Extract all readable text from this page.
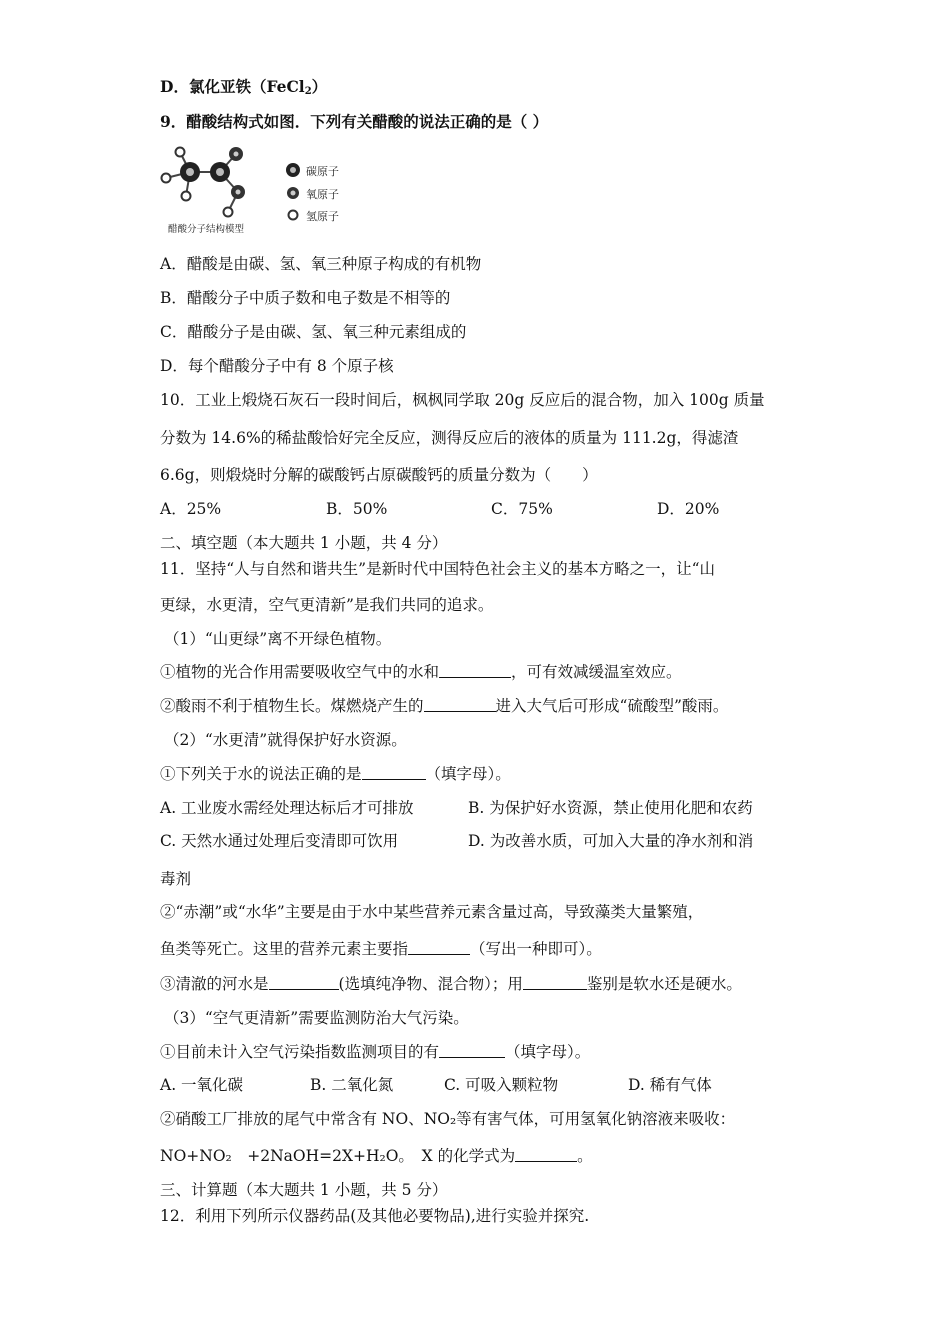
D．氯化亚铁（FeCl$_2$）
9．醋酸结构式如图．下列有关醋酸的说法正确的是（ ）
醋酸分子结构模型
碳原子
氧原子
氢原子
A．醋酸是由碳、氢、氧三种原子构成的有机物
B．醋酸分子中质子数和电子数是不相等的
C．醋酸分子是由碳、氢、氧三种元素组成的
D．每个醋酸分子中有 8 个原子核
10．工业上煅烧石灰石一段时间后，枫枫同学取 20g 反应后的混合物，加入 100g 质量
分数为 14.6%的稀盐酸恰好完全反应，测得反应后的液体的质量为 111.2g，得滤渣
6.6g，则煅烧时分解的碳酸钙占原碳酸钙的质量分数为（　　）
A．25%	B．50%	C．75%	D．20%
二、填空题（本大题共 1 小题，共 4 分）
11．坚持“人与自然和谐共生”是新时代中国特色社会主义的基本方略之一，让“山
更绿，水更清，空气更清新”是我们共同的追求。
（1）“山更绿”离不开绿色植物。
①植物的光合作用需要吸收空气中的水和	，可有效减缓温室效应。
②酸雨不利于植物生长。煤燃烧产生的	进入大气后可形成“硫酸型”酸雨。
（2）“水更清”就得保护好水资源。
①下列关于水的说法正确的是	（填字母）。
A. 工业废水需经处理达标后才可排放	B. 为保护好水资源，禁止使用化肥和农药
C. 天然水通过处理后变清即可饮用	D. 为改善水质，可加入大量的净水剂和消
毒剂
②“赤潮”或“水华”主要是由于水中某些营养元素含量过高，导致藻类大量繁殖，
鱼类等死亡。这里的营养元素主要指	（写出一种即可）。
③清澈的河水是	(选填纯净物、混合物）；用	鉴别是软水还是硬水。
（3）“空气更清新”需要监测防治大气污染。
①目前未计入空气污染指数监测项目的有	（填字母）。
A. 一氧化碳	B. 二氧化氮	C. 可吸入颗粒物	D. 稀有气体
②硝酸工厂排放的尾气中常含有 NO、NO₂等有害气体，可用氢氧化钠溶液来吸收：
NO+NO₂　+2NaOH=2X+H₂O。　X 的化学式为	。
三、计算题（本大题共 1 小题，共 5 分）
12．利用下列所示仪器药品(及其他必要物品),进行实验并探究.
